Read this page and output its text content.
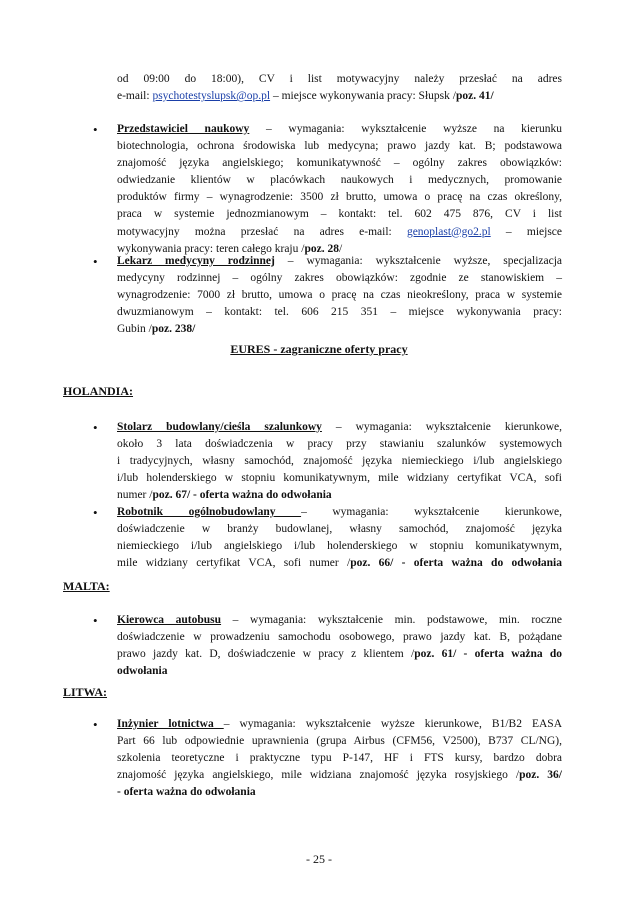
od 09:00 do 18:00), CV i list motywacyjny należy przesłać na adres
e-mail: psychotestyslupsk@op.pl – miejsce wykonywania pracy: Słupsk /poz. 41/
• Przedstawiciel naukowy – wymagania: wykształcenie wyższe na kierunku
biotechnologia, ochrona środowiska lub medycyna; prawo jazdy kat. B; podstawowa
znajomość języka angielskiego; komunikatywność – ogólny zakres obowiązków:
odwiedzanie klientów w placówkach naukowych i medycznych, promowanie
produktów firmy – wynagrodzenie: 3500 zł brutto, umowa o pracę na czas określony,
praca w systemie jednozmianowym – kontakt: tel. 602 475 876, CV i list
motywacyjny można przesłać na adres e-mail: genoplast@go2.pl – miejsce
wykonywania pracy: teren całego kraju /poz. 28/
• Lekarz medycyny rodzinnej – wymagania: wykształcenie wyższe, specjalizacja
medycyny rodzinnej – ogólny zakres obowiązków: zgodnie ze stanowiskiem –
wynagrodzenie: 7000 zł brutto, umowa o pracę na czas nieokreślony, praca w systemie
dwuzmianowym – kontakt: tel. 606 215 351 – miejsce wykonywania pracy:
Gubin /poz. 238/
EURES - zagraniczne oferty pracy
HOLANDIA:
• Stolarz budowlany/cieśla szalunkowy – wymagania: wykształcenie kierunkowe,
około 3 lata doświadczenia w pracy przy stawianiu szalunków systemowych
i tradycyjnych, własny samochód, znajomość języka niemieckiego i/lub angielskiego
i/lub holenderskiego w stopniu komunikatywnym, mile widziany certyfikat VCA, sofi
numer /poz. 67/ - oferta ważna do odwołania
• Robotnik ogólnobudowlany – wymagania: wykształcenie kierunkowe,
doświadczenie w branży budowlanej, własny samochód, znajomość języka
niemieckiego i/lub angielskiego i/lub holenderskiego w stopniu komunikatywnym,
mile widziany certyfikat VCA, sofi numer /poz. 66/ - oferta ważna do odwołania
MALTA:
• Kierowca autobusu – wymagania: wykształcenie min. podstawowe, min. roczne
doświadczenie w prowadzeniu samochodu osobowego, prawo jazdy kat. B, pożądane
prawo jazdy kat. D, doświadczenie w pracy z klientem /poz. 61/ - oferta ważna do
odwołania
LITWA:
• Inżynier lotnictwa – wymagania: wykształcenie wyższe kierunkowe, B1/B2 EASA
Part 66 lub odpowiednie uprawnienia (grupa Airbus (CFM56, V2500), B737 CL/NG),
szkolenia teoretyczne i praktyczne typu P-147, HF i FTS kursy, bardzo dobra
znajomość języka angielskiego, mile widziana znajomość języka rosyjskiego /poz. 36/
- oferta ważna do odwołania
- 25 -
